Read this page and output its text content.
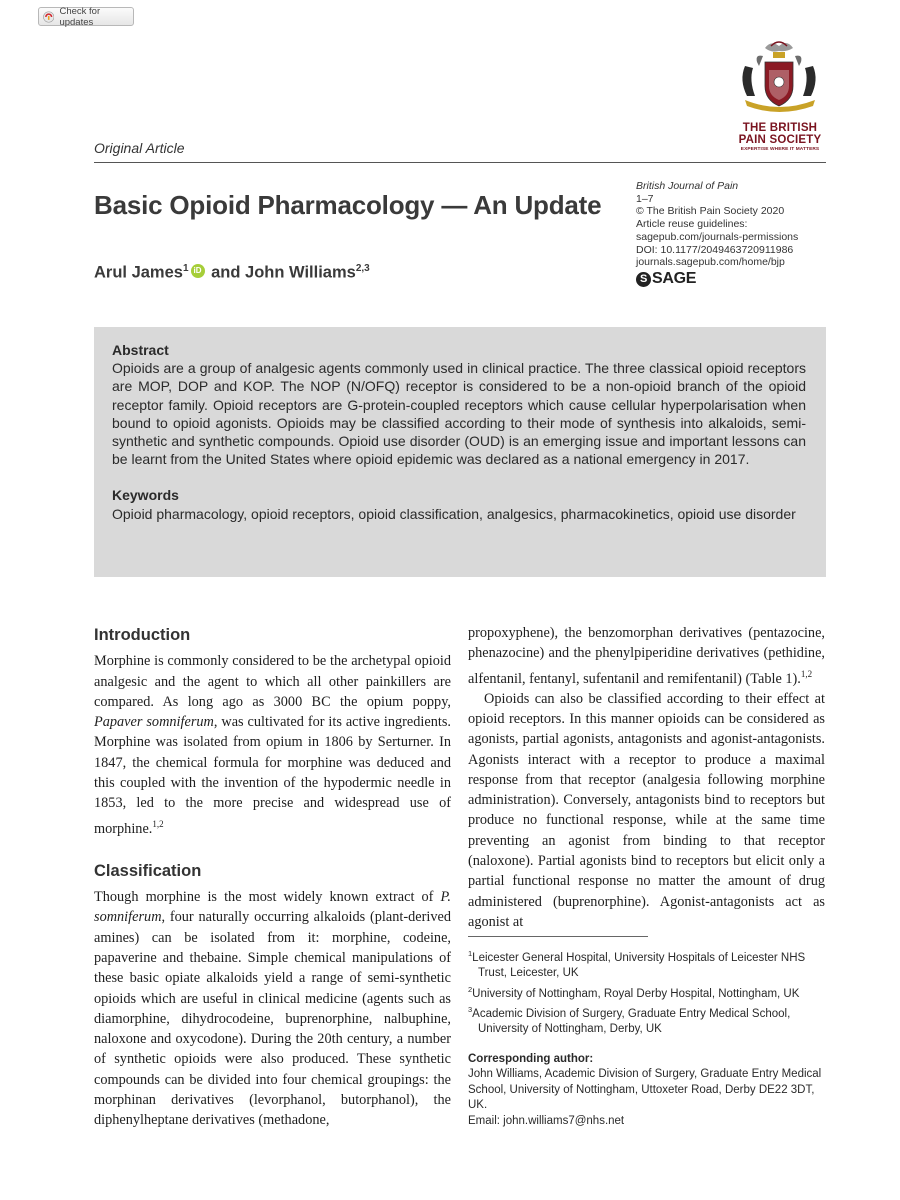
Check for updates
THE BRITISH
PAIN SOCIETY
EXPERTISE WHERE IT MATTERS
Original Article
Basic Opioid Pharmacology — An Update
Arul James$^1$ iD and John Williams$^{2,3}$
British Journal of Pain
1–7
© The British Pain Society 2020
Article reuse guidelines:
sagepub.com/journals-permissions
DOI: 10.1177/2049463720911986
journals.sagepub.com/home/bjp
S SAGE
Abstract

Opioids are a group of analgesic agents commonly used in clinical practice. The three classical opioid receptors are MOP, DOP and KOP. The NOP (N/OFQ) receptor is considered to be a non-opioid branch of the opioid receptor family. Opioid receptors are G-protein-coupled receptors which cause cellular hyperpolarisation when bound to opioid agonists. Opioids may be classified according to their mode of synthesis into alkaloids, semi-synthetic and synthetic compounds. Opioid use disorder (OUD) is an emerging issue and important lessons can be learnt from the United States where opioid epidemic was declared as a national emergency in 2017.

Keywords

Opioid pharmacology, opioid receptors, opioid classification, analgesics, pharmacokinetics, opioid use disorder

Introduction

Morphine is commonly considered to be the archetypal opioid analgesic and the agent to which all other painkillers are compared. As long ago as 3000 BC the opium poppy, Papaver somniferum, was cultivated for its active ingredients. Morphine was isolated from opium in 1806 by Serturner. In 1847, the chemical formula for morphine was deduced and this coupled with the invention of the hypodermic needle in 1853, led to the more precise and widespread use of morphine.$^{1,2}$

Classification

Though morphine is the most widely known extract of P. somniferum, four naturally occurring alkaloids (plant-derived amines) can be isolated from it: morphine, codeine, papaverine and thebaine. Simple chemical manipulations of these basic opiate alkaloids yield a range of semi-synthetic opioids which are useful in clinical medicine (agents such as diamorphine, dihydrocodeine, buprenorphine, nalbuphine, naloxone and oxycodone). During the 20th century, a number of synthetic opioids were also produced. These synthetic compounds can be divided into four chemical groupings: the morphinan derivatives (levorphanol, butorphanol), the diphenylheptane derivatives (methadone,

propoxyphene), the benzomorphan derivatives (pentazocine, phenazocine) and the phenylpiperidine derivatives (pethidine, alfentanil, fentanyl, sufentanil and remifentanil) (Table 1).$^{1,2}$

Opioids can also be classified according to their effect at opioid receptors. In this manner opioids can be considered as agonists, partial agonists, antagonists and agonist-antagonists. Agonists interact with a receptor to produce a maximal response from that receptor (analgesia following morphine administration). Conversely, antagonists bind to receptors but produce no functional response, while at the same time preventing an agonist from binding to that receptor (naloxone). Partial agonists bind to receptors but elicit only a partial functional response no matter the amount of drug administered (buprenorphine). Agonist-antagonists act as agonist at

$^1$Leicester General Hospital, University Hospitals of Leicester NHS Trust, Leicester, UK

$^2$University of Nottingham, Royal Derby Hospital, Nottingham, UK

$^3$Academic Division of Surgery, Graduate Entry Medical School, University of Nottingham, Derby, UK

Corresponding author:
John Williams, Academic Division of Surgery, Graduate Entry Medical School, University of Nottingham, Uttoxeter Road, Derby DE22 3DT, UK.
Email: john.williams7@nhs.net
